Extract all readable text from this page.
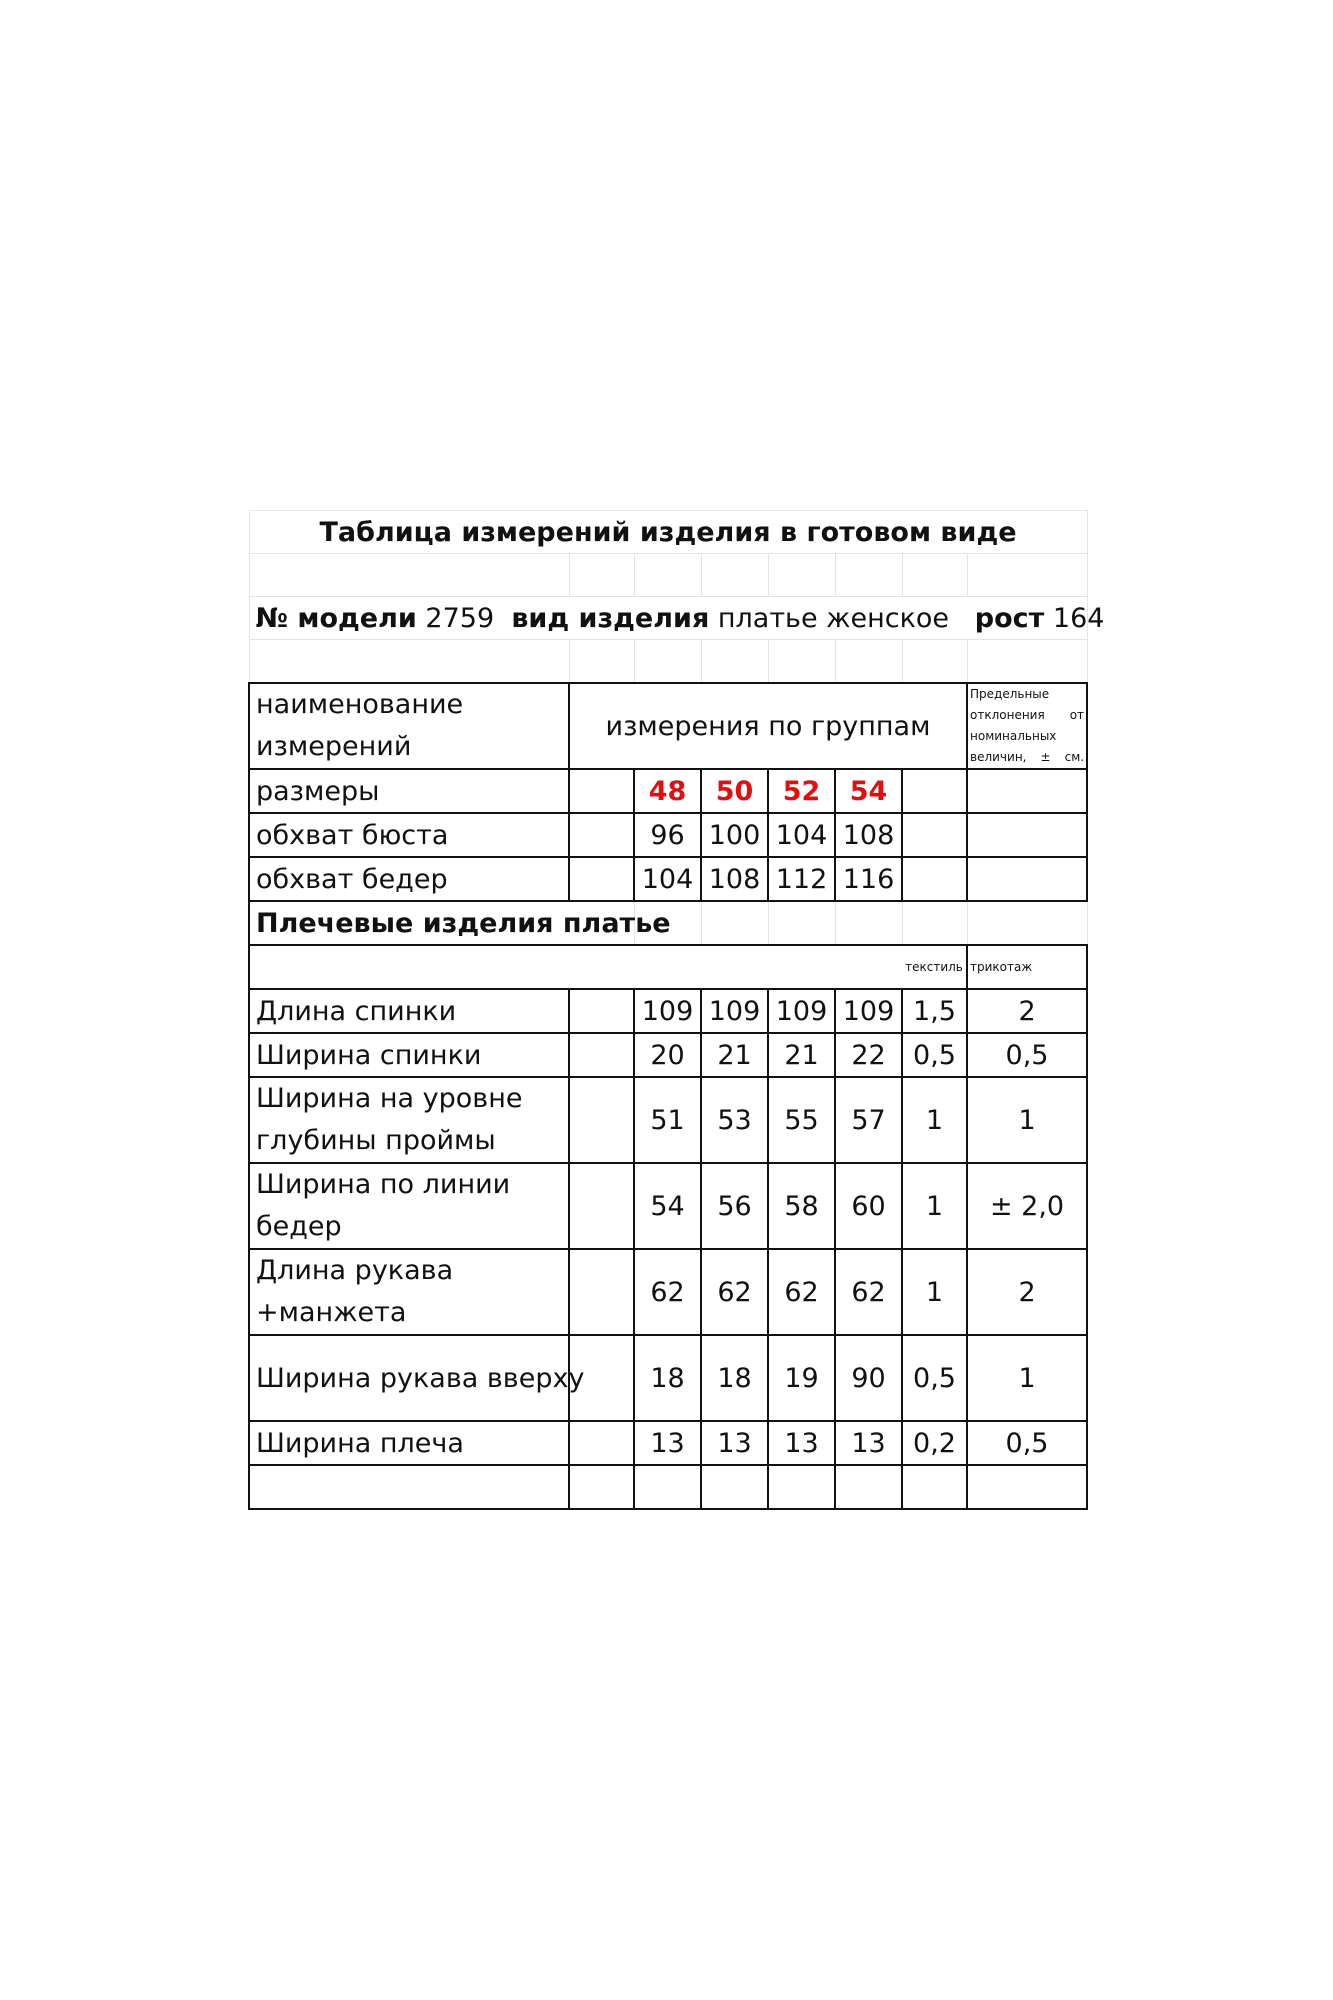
Таблица измерений изделия в готовом виде							

№ модели 2759 вид изделия платье женское рост 164							

наименование измерений	измерения по группам						Предельные отклонения от номинальных величин, ± см.
размеры		48	50	52	54		
обхват бюста		96	100	104	108		
обхват бедер		104	108	112	116		
Плечевые изделия платье							
						текстиль	трикотаж
Длина спинки		109	109	109	109	1,5	2
Ширина спинки		20	21	21	22	0,5	0,5
Ширина на уровне глубины проймы		51	53	55	57	1	1
Ширина по линии бедер		54	56	58	60	1	± 2,0
Длина рукава +манжета		62	62	62	62	1	2
Ширина рукава вверху		18	18	19	90	0,5	1
Ширина плеча		13	13	13	13	0,2	0,5
